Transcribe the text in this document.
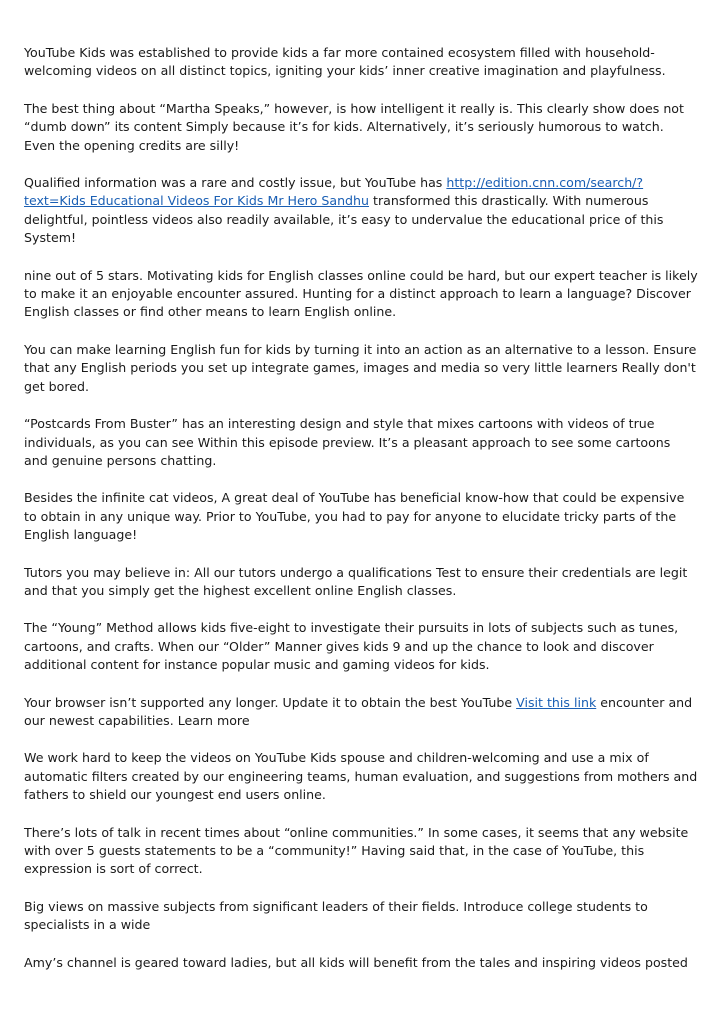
YouTube Kids was established to provide kids a far more contained ecosystem filled with household-welcoming videos on all distinct topics, igniting your kids’ inner creative imagination and playfulness.

The best thing about “Martha Speaks,” however, is how intelligent it really is. This clearly show does not “dumb down” its content Simply because it’s for kids. Alternatively, it’s seriously humorous to watch. Even the opening credits are silly!

Qualified information was a rare and costly issue, but YouTube has http://edition.cnn.com/search/?text=Kids Educational Videos For Kids Mr Hero Sandhu transformed this drastically. With numerous delightful, pointless videos also readily available, it’s easy to undervalue the educational price of this System!

nine out of 5 stars. Motivating kids for English classes online could be hard, but our expert teacher is likely to make it an enjoyable encounter assured. Hunting for a distinct approach to learn a language? Discover English classes or find other means to learn English online.

You can make learning English fun for kids by turning it into an action as an alternative to a lesson. Ensure that any English periods you set up integrate games, images and media so very little learners Really don't get bored.

“Postcards From Buster” has an interesting design and style that mixes cartoons with videos of true individuals, as you can see Within this episode preview. It’s a pleasant approach to see some cartoons and genuine persons chatting.

Besides the infinite cat videos, A great deal of YouTube has beneficial know-how that could be expensive to obtain in any unique way. Prior to YouTube, you had to pay for anyone to elucidate tricky parts of the English language!

Tutors you may believe in: All our tutors undergo a qualifications Test to ensure their credentials are legit and that you simply get the highest excellent online English classes.

The “Young” Method allows kids five-eight to investigate their pursuits in lots of subjects such as tunes, cartoons, and crafts. When our “Older” Manner gives kids 9 and up the chance to look and discover additional content for instance popular music and gaming videos for kids.

Your browser isn’t supported any longer. Update it to obtain the best YouTube Visit this link encounter and our newest capabilities. Learn more

We work hard to keep the videos on YouTube Kids spouse and children-welcoming and use a mix of automatic filters created by our engineering teams, human evaluation, and suggestions from mothers and fathers to shield our youngest end users online.

There’s lots of talk in recent times about “online communities.” In some cases, it seems that any website with over 5 guests statements to be a “community!” Having said that, in the case of YouTube, this expression is sort of correct.

Big views on massive subjects from significant leaders of their fields. Introduce college students to specialists in a wide

Amy’s channel is geared toward ladies, but all kids will benefit from the tales and inspiring videos posted
